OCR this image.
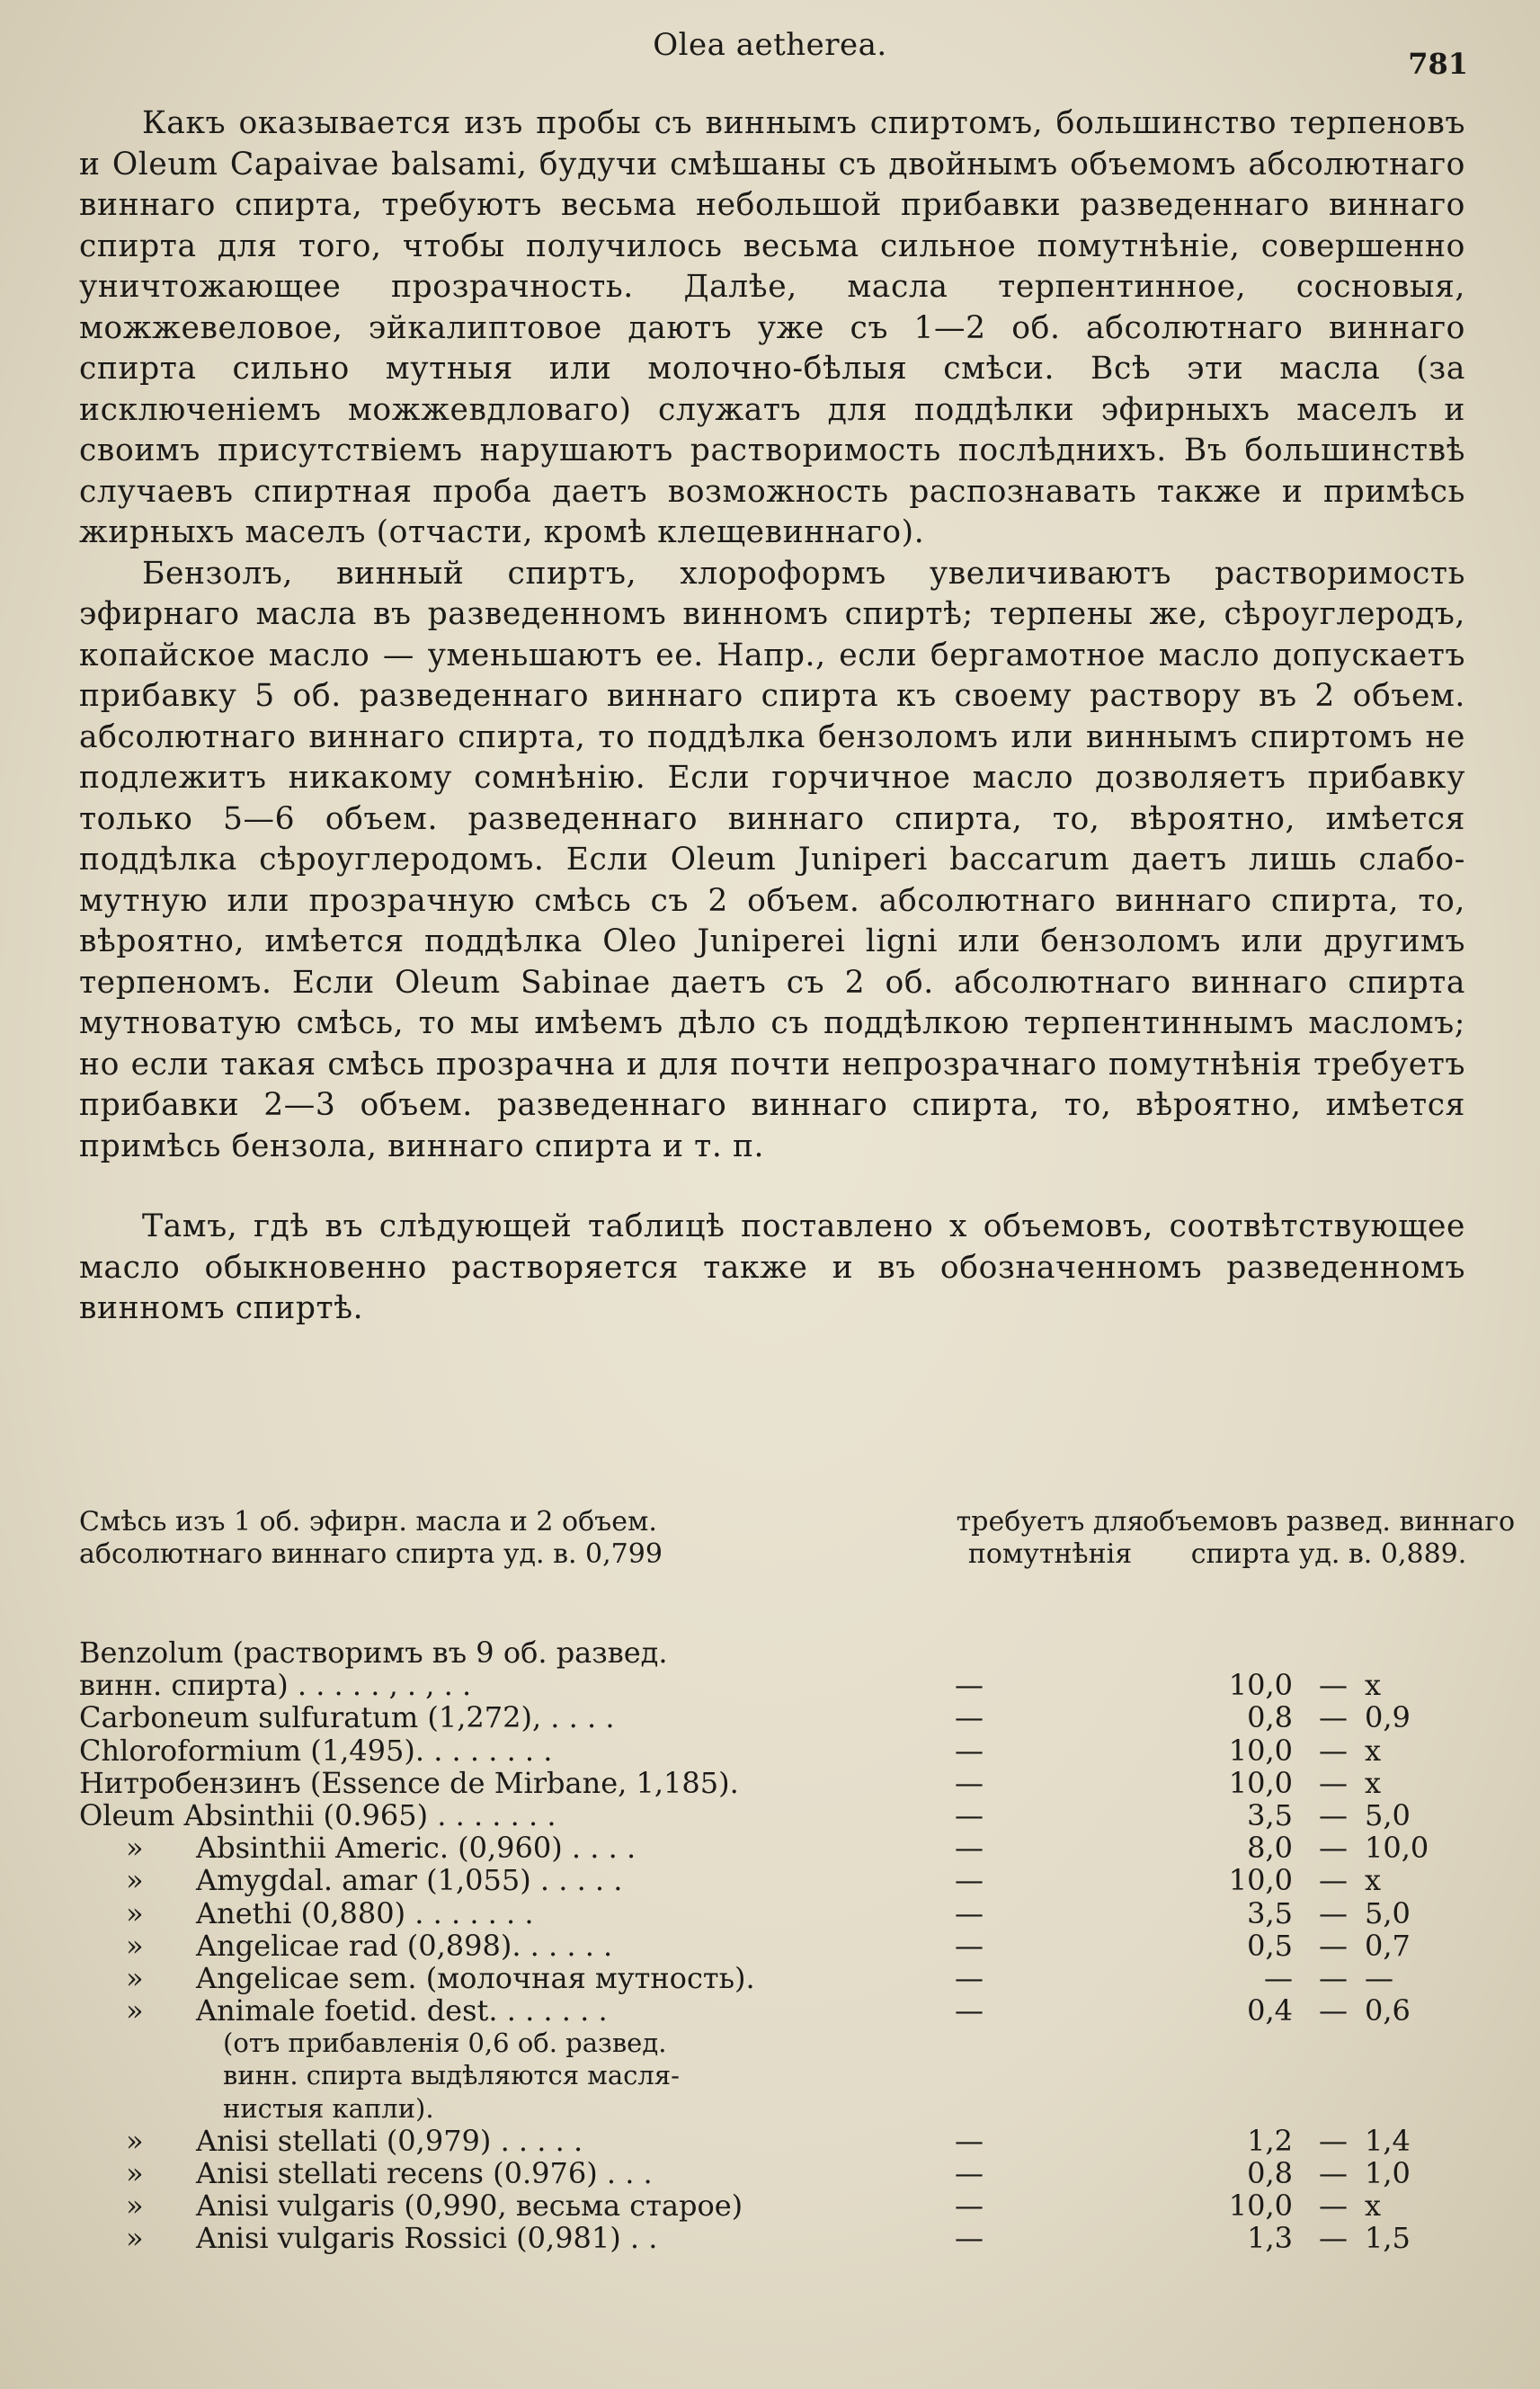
Olea aetherea.
781

Какъ оказывается изъ пробы съ виннымъ спиртомъ, большинство терпеновъ и Oleum Capaivae balsami, будучи смѣшаны съ двойнымъ объемомъ абсолютнаго виннаго спирта, требуютъ весьма небольшой прибавки разведеннаго виннаго спирта для того, чтобы получилось весьма сильное помутнѣніе, совершенно уничтожающее прозрачность. Далѣе, масла терпентинное, сосновыя, можжевеловое, эйкалиптовое даютъ уже съ 1—2 об. абсолютнаго виннаго спирта сильно мутныя или молочно-бѣлыя смѣси. Всѣ эти масла (за исключеніемъ можжевдловаго) служатъ для поддѣлки эфирныхъ маселъ и своимъ присутствіемъ нарушаютъ растворимость послѣднихъ. Въ большинствѣ случаевъ спиртная проба даетъ возможность распознавать также и примѣсь жирныхъ маселъ (отчасти, кромѣ клещевиннаго).

Бензолъ, винный спиртъ, хлороформъ увеличиваютъ растворимость эфирнаго масла въ разведенномъ винномъ спиртѣ; терпены же, сѣроуглеродъ, копайское масло — уменьшаютъ ее. Напр., если бергамотное масло допускаетъ прибавку 5 об. разведеннаго виннаго спирта къ своему раствору въ 2 объем. абсолютнаго виннаго спирта, то поддѣлка бензоломъ или виннымъ спиртомъ не подлежитъ никакому сомнѣнію. Если горчичное масло дозволяетъ прибавку только 5—6 объем. разведеннаго виннаго спирта, то, вѣроятно, имѣется поддѣлка сѣроуглеродомъ. Если Oleum Juniperi baccarum даетъ лишь слабо-мутную или прозрачную смѣсь съ 2 объем. абсолютнаго виннаго спирта, то, вѣроятно, имѣется поддѣлка Oleo Juniperei ligni или бензоломъ или другимъ терпеномъ. Если Oleum Sabinae даетъ съ 2 об. абсолютнаго виннаго спирта мутноватую смѣсь, то мы имѣемъ дѣло съ поддѣлкою терпентиннымъ масломъ; но если такая смѣсь прозрачна и для почти непрозрачнаго помутнѣнія требуетъ прибавки 2—3 объем. разведеннаго виннаго спирта, то, вѣроятно, имѣется примѣсь бензола, виннаго спирта и т. п.

Тамъ, гдѣ въ слѣдующей таблицѣ поставлено x объемовъ, соотвѣтствующее масло обыкновенно растворяется также и въ обозначенномъ разведенномъ винномъ спиртѣ.

Смѣсь изъ 1 об. эфирн. масла и 2 объем. абсолютнаго виннаго спирта уд. в. 0,799
требуетъ для помутнѣнія
объемовъ развед. виннаго спирта уд. в. 0,889.
Benzolum (растворимъ въ 9 об. развед.
винн. спирта) . . . . . , . , . .	—	10,0 — x
Carboneum sulfuratum (1,272), . . . .	—	0,8 — 0,9
Chloroformium (1,495). . . . . . . .	—	10,0 — x
Нитробензинъ (Essence de Mirbane, 1,185).	—	10,0 — x
Oleum Absinthii (0.965) . . . . . . .	—	3,5 — 5,0
» Absinthii Americ. (0,960) . . . .	—	8,0 — 10,0
» Amygdal. amar (1,055) . . . . .	—	10,0 — x
» Anethi (0,880) . . . . . . .	—	3,5 — 5,0
» Angelicae rad (0,898). . . . . .	—	0,5 — 0,7
» Angelicae sem. (молочная мутность).	—	— — —
» Animale foetid. dest. . . . . . .	—	0,4 — 0,6
(отъ прибавленія 0,6 об. развед.
винн. спирта выдѣляются масля-
нистыя капли).
» Anisi stellati (0,979) . . . . .	—	1,2 — 1,4
» Anisi stellati recens (0.976) . . .	—	0,8 — 1,0
» Anisi vulgaris (0,990, весьма старое)	—	10,0 — x
» Anisi vulgaris Rossici (0,981) . .	—	1,3 — 1,5
